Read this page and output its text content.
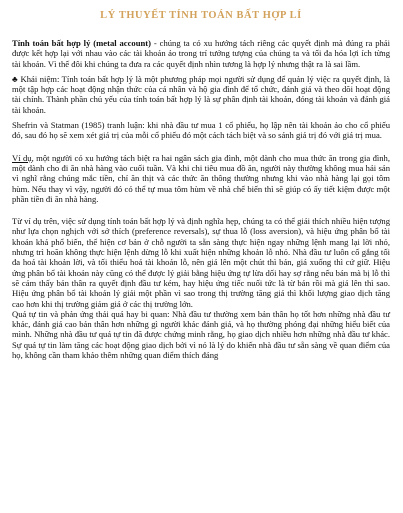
LÝ THUYẾT TÍNH TOÁN BẤT HỢP LÍ

Tính toán bất hợp lý (metal account) - chúng ta có xu hướng tách riêng các quyết định mà đúng ra phải được kết hợp lại với nhau vào các tài khoản ảo trong trí tưởng tượng của chúng ta và tối đa hóa lợi ích từng tài khoản. Vì thế đôi khi chúng ta đưa ra các quyết định nhìn tương là hợp lý nhưng thật ra là sai lầm.

♣ Khái niệm: Tính toán bất hợp lý là một phương pháp mọi người sử dụng để quản lý việc ra quyết định, là một tập hợp các hoạt động nhận thức của cá nhân và hộ gia đình để tổ chức, đánh giá và theo dõi hoạt động tài chính. Thành phần chủ yếu của tính toán bất hợp lý là sự phân định tài khoản, đóng tài khoản và đánh giá tài khoản.

Shefrin và Statman (1985) tranh luận: khi nhà đầu tư mua 1 cổ phiếu, họ lập nên tài khoản ảo cho cổ phiếu đó, sau đó họ sẽ xem xét giá trị của mỗi cổ phiếu đó một cách tách biệt và so sánh giá trị đó với giá trị mua.

Ví dụ, một người có xu hướng tách biệt ra hai ngân sách gia đình, một dành cho mua thức ăn trong gia đình, một dành cho đi ăn nhà hàng vào cuối tuần. Và khi chi tiêu mua đồ ăn, người này thường không mua hải sản vì nghĩ rằng chúng mắc tiền, chỉ ăn thịt và các thức ăn thông thường nhưng khi vào nhà hàng lại gọi tôm hùm. Nếu thay vì vậy, người đó có thể tự mua tôm hùm về nhà chế biến thì sẽ giúp có ấy tiết kiệm được một phần tiền đi ăn nhà hàng.

Từ ví dụ trên, việc sử dụng tính toán bất hợp lý và định nghĩa hẹp, chúng ta có thể giải thích nhiều hiện tượng như lựa chọn nghịch với sở thích (preference reversals), sự thua lỗ (loss aversion), và hiệu ứng phân bổ tài khoản khá phổ biến, thể hiện cơ bản ở chỗ người ta sẵn sàng thực hiện ngay những lệnh mang lại lời nhỏ, nhưng trì hoãn không thực hiện lệnh dừng lỗ khi xuất hiện những khoản lỗ nhỏ. Nhà đầu tư luôn cố gắng tối đa hoá tài khoản lời, và tối thiểu hoá tài khoản lỗ, nên giá lên một chút thì bán, giá xuống thì cứ giữ. Hiệu ứng phân bổ tài khoản này cũng có thể được lý giải bằng hiệu ứng tự lừa dối hay sợ rằng nếu bán mà bị lỗ thì sẽ cảm thấy bản thân ra quyết định đầu tư kém, hay hiệu ứng tiếc nuối tức là từ bán rồi mà giá lên thì sao. Hiệu ứng phân bổ tài khoản lý giải một phần vì sao trong thị trường tăng giá thì khối lượng giao dịch tăng cao hơn khi thị trường giảm giá ở các thị trường lớn.

Quá tự tin và phản ứng thái quá hay bi quan: Nhà đầu tư thường xem bản thân họ tốt hơn những nhà đầu tư khác, đánh giá cao bản thân hơn những gì người khác đánh giá, và họ thường phóng đại những hiểu biết của mình. Những nhà đầu tư quá tự tin đã được chứng minh rằng, họ giao dịch nhiều hơn những nhà đầu tư khác. Sự quá tự tin làm tăng các hoạt động giao dịch bởi vì nó là lý do khiến nhà đầu tư sẵn sàng về quan điểm của họ, không cần tham khảo thêm những quan điểm thích đáng
